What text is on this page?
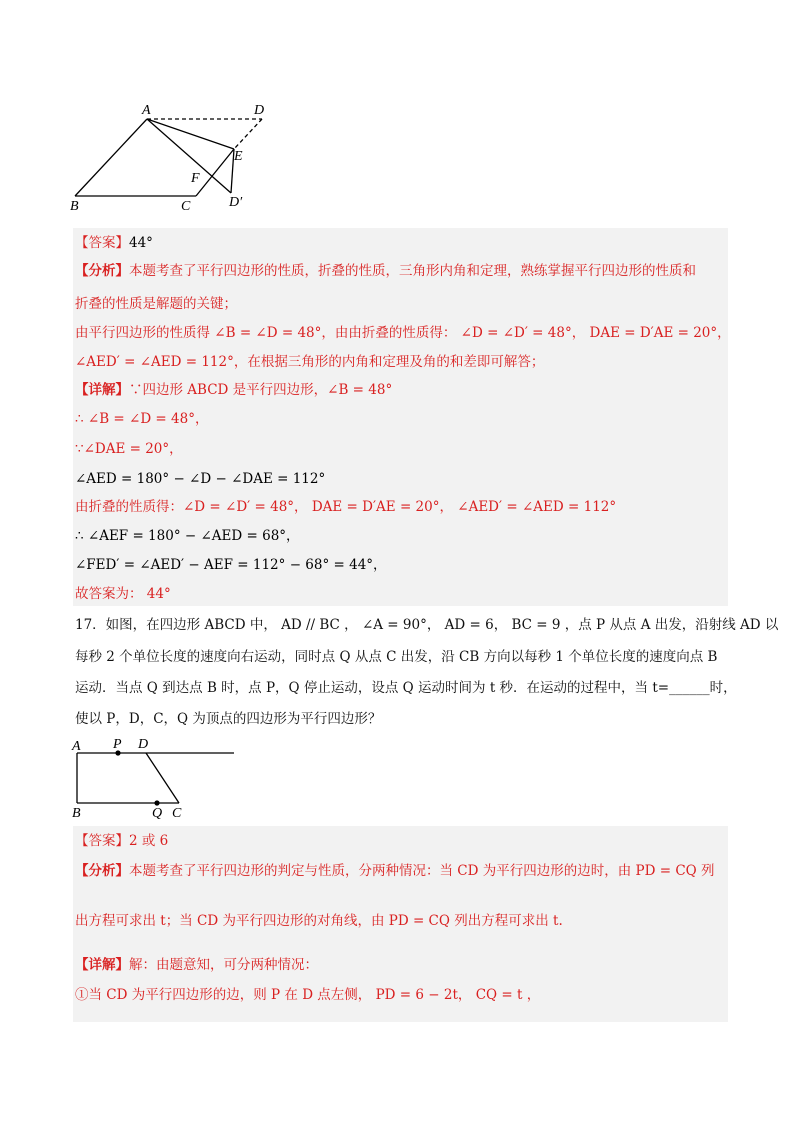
A	D
E
F
B	C	D′
【答案】44°
【分析】本题考查了平行四边形的性质，折叠的性质，三角形内角和定理，熟练掌握平行四边形的性质和
折叠的性质是解题的关键；
由平行四边形的性质得 ∠B = ∠D = 48°，由由折叠的性质得： ∠D = ∠D′ = 48°， DAE = D′AE = 20°，
∠AED′ = ∠AED = 112°，在根据三角形的内角和定理及角的和差即可解答；
【详解】∵四边形 ABCD 是平行四边形，∠B = 48°
∴ ∠B = ∠D = 48°，
∵∠DAE = 20°，
∠AED = 180° − ∠D − ∠DAE = 112°
由折叠的性质得：∠D = ∠D′ = 48°， DAE = D′AE = 20°， ∠AED′ = ∠AED = 112°
∴ ∠AEF = 180° − ∠AED = 68°，
∠FED′ = ∠AED′ − AEF = 112° − 68° = 44°，
故答案为： 44°
17．如图，在四边形 ABCD 中， AD // BC ， ∠A = 90°， AD = 6， BC = 9 ，点 P 从点 A 出发，沿射线 AD 以
每秒 2 个单位长度的速度向右运动，同时点 Q 从点 C 出发，沿 CB 方向以每秒 1 个单位长度的速度向点 B
运动．当点 Q 到达点 B 时，点 P，Q 停止运动，设点 Q 运动时间为 t 秒．在运动的过程中，当 t=______时，
使以 P，D，C，Q 为顶点的四边形为平行四边形？
A P D
B	Q C
【答案】2 或 6
【分析】本题考查了平行四边形的判定与性质，分两种情况：当 CD 为平行四边形的边时，由 PD = CQ 列
出方程可求出 t；当 CD 为平行四边形的对角线，由 PD = CQ 列出方程可求出 t.
【详解】解：由题意知，可分两种情况：
①当 CD 为平行四边形的边，则 P 在 D 点左侧， PD = 6 − 2t， CQ = t ，
